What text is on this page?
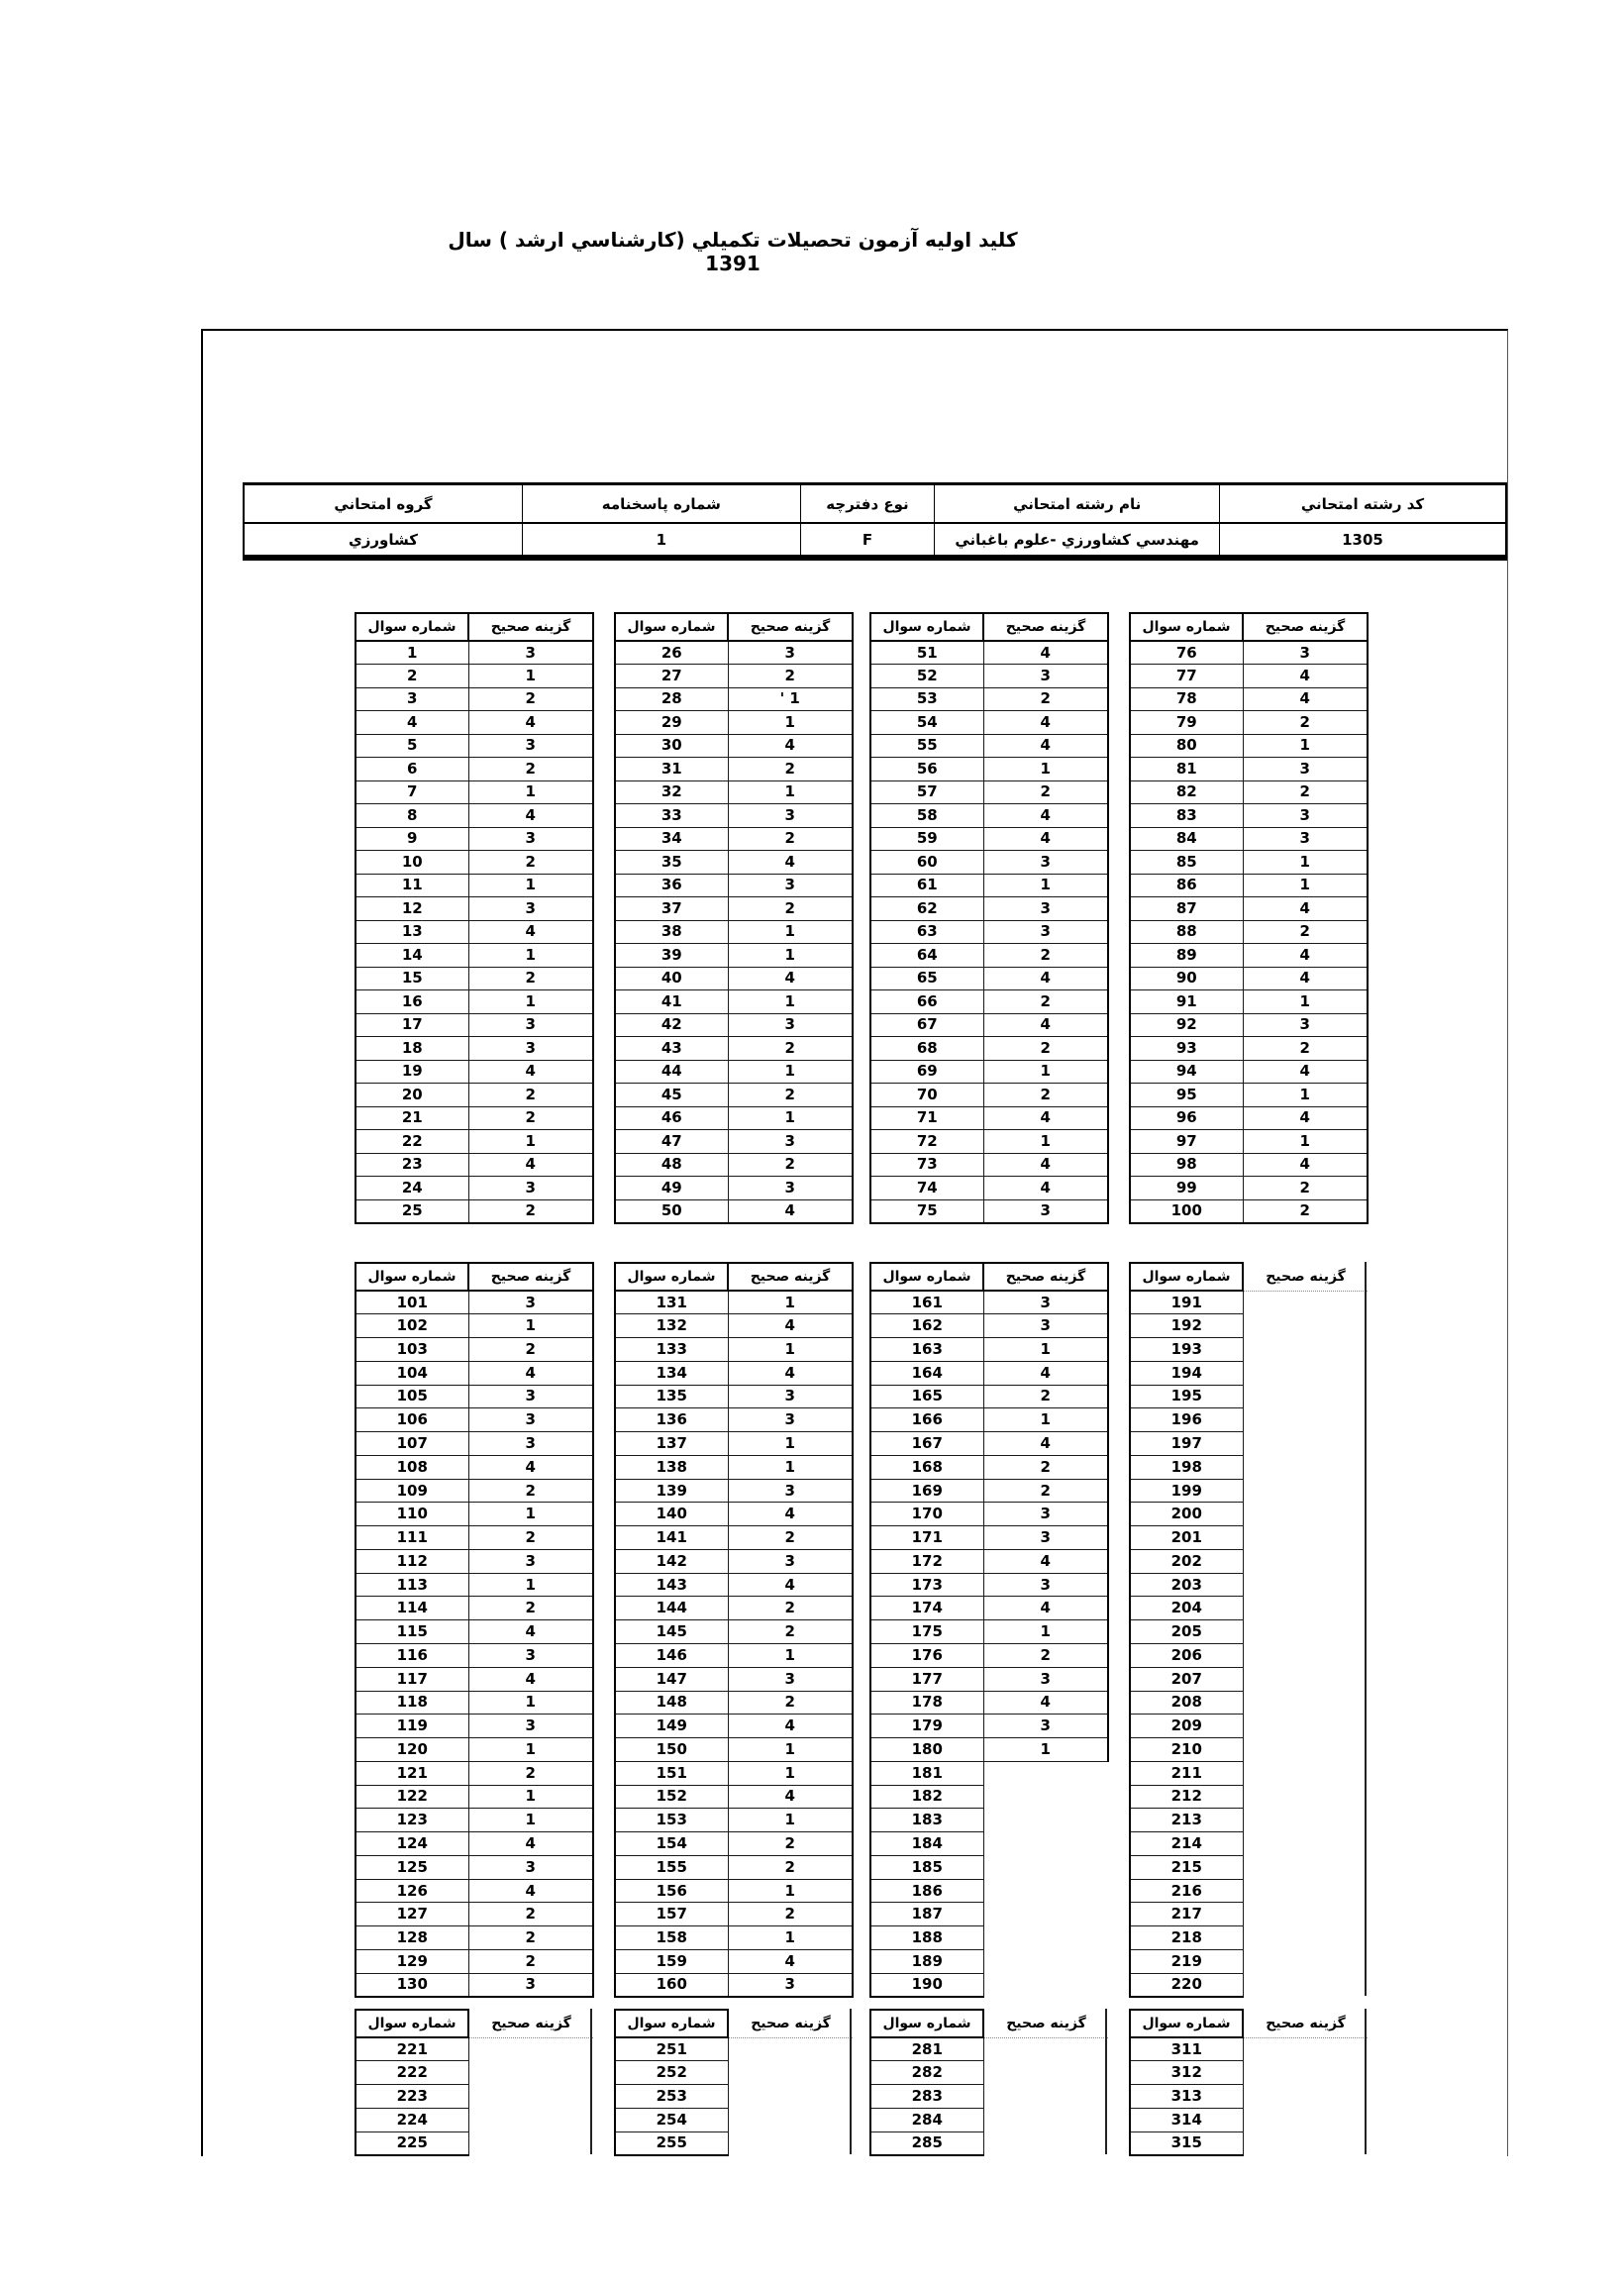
كليد اوليه آزمون تحصيلات تكميلي (كارشناسي ارشد ) سال 1391
گروه امتحاني	شماره پاسخنامه	نوع دفترچه	نام رشته امتحاني	كد رشته امتحاني
كشاورزي	1	F	مهندسي كشاورزي -علوم باغباني	1305
شماره سوال	گزينه صحيح
1	3
2	1
3	2
4	4
5	3
6	2
7	1
8	4
9	3
10	2
11	1
12	3
13	4
14	1
15	2
16	1
17	3
18	3
19	4
20	2
21	2
22	1
23	4
24	3
25	2
شماره سوال	گزينه صحيح
26	3
27	2
28	' 1
29	1
30	4
31	2
32	1
33	3
34	2
35	4
36	3
37	2
38	1
39	1
40	4
41	1
42	3
43	2
44	1
45	2
46	1
47	3
48	2
49	3
50	4
شماره سوال	گزينه صحيح
51	4
52	3
53	2
54	4
55	4
56	1
57	2
58	4
59	4
60	3
61	1
62	3
63	3
64	2
65	4
66	2
67	4
68	2
69	1
70	2
71	4
72	1
73	4
74	4
75	3
شماره سوال	گزينه صحيح
76	3
77	4
78	4
79	2
80	1
81	3
82	2
83	3
84	3
85	1
86	1
87	4
88	2
89	4
90	4
91	1
92	3
93	2
94	4
95	1
96	4
97	1
98	4
99	2
100	2
شماره سوال	گزينه صحيح
101	3
102	1
103	2
104	4
105	3
106	3
107	3
108	4
109	2
110	1
111	2
112	3
113	1
114	2
115	4
116	3
117	4
118	1
119	3
120	1
121	2
122	1
123	1
124	4
125	3
126	4
127	2
128	2
129	2
130	3
شماره سوال	گزينه صحيح
131	1
132	4
133	1
134	4
135	3
136	3
137	1
138	1
139	3
140	4
141	2
142	3
143	4
144	2
145	2
146	1
147	3
148	2
149	4
150	1
151	1
152	4
153	1
154	2
155	2
156	1
157	2
158	1
159	4
160	3
شماره سوال	گزينه صحيح
161	3
162	3
163	1
164	4
165	2
166	1
167	4
168	2
169	2
170	3
171	3
172	4
173	3
174	4
175	1
176	2
177	3
178	4
179	3
180	1
181	
182	
183	
184	
185	
186	
187	
188	
189	
190	
شماره سوال	گزينه صحيح
191	
192	
193	
194	
195	
196	
197	
198	
199	
200	
201	
202	
203	
204	
205	
206	
207	
208	
209	
210	
211	
212	
213	
214	
215	
216	
217	
218	
219	
220	
شماره سوال	گزينه صحيح
221	
222	
223	
224	
225	
شماره سوال	گزينه صحيح
251	
252	
253	
254	
255	
شماره سوال	گزينه صحيح
281	
282	
283	
284	
285	
شماره سوال	گزينه صحيح
311	
312	
313	
314	
315	
